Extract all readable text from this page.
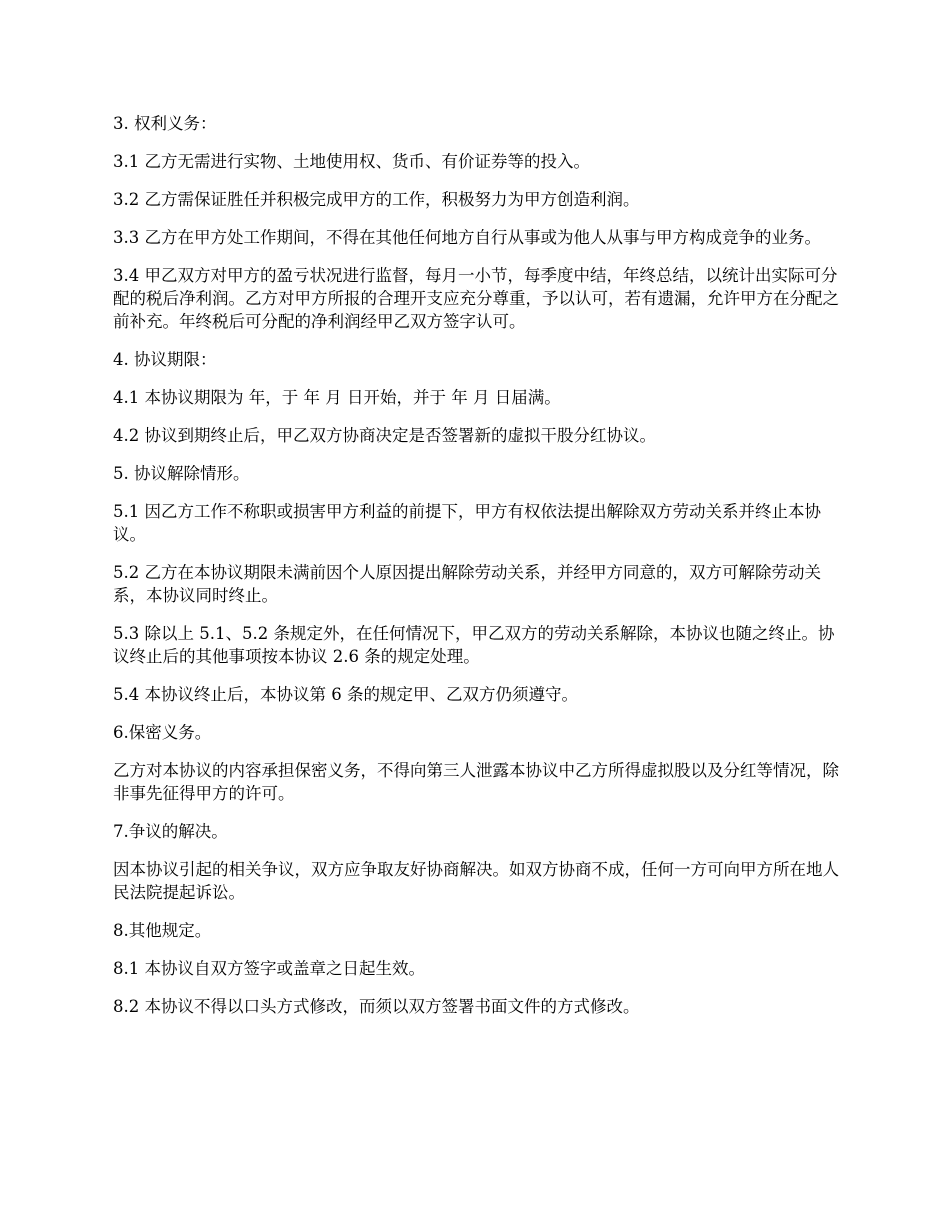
3. 权利义务：

3.1 乙方无需进行实物、土地使用权、货币、有价证券等的投入。

3.2 乙方需保证胜任并积极完成甲方的工作，积极努力为甲方创造利润。

3.3 乙方在甲方处工作期间，不得在其他任何地方自行从事或为他人从事与甲方构成竞争的业务。

3.4 甲乙双方对甲方的盈亏状况进行监督，每月一小节，每季度中结，年终总结，以统计出实际可分配的税后净利润。乙方对甲方所报的合理开支应充分尊重，予以认可，若有遗漏，允许甲方在分配之前补充。年终税后可分配的净利润经甲乙双方签字认可。

4. 协议期限：

4.1 本协议期限为 年，于 年 月 日开始，并于 年 月 日届满。

4.2 协议到期终止后，甲乙双方协商决定是否签署新的虚拟干股分红协议。

5. 协议解除情形。

5.1 因乙方工作不称职或损害甲方利益的前提下，甲方有权依法提出解除双方劳动关系并终止本协议。

5.2 乙方在本协议期限未满前因个人原因提出解除劳动关系，并经甲方同意的，双方可解除劳动关系，本协议同时终止。

5.3 除以上 5.1、5.2 条规定外，在任何情况下，甲乙双方的劳动关系解除，本协议也随之终止。协议终止后的其他事项按本协议 2.6 条的规定处理。

5.4 本协议终止后，本协议第 6 条的规定甲、乙双方仍须遵守。

6.保密义务。

乙方对本协议的内容承担保密义务，不得向第三人泄露本协议中乙方所得虚拟股以及分红等情况，除非事先征得甲方的许可。

7.争议的解决。

因本协议引起的相关争议，双方应争取友好协商解决。如双方协商不成，任何一方可向甲方所在地人民法院提起诉讼。

8.其他规定。

8.1 本协议自双方签字或盖章之日起生效。

8.2 本协议不得以口头方式修改，而须以双方签署书面文件的方式修改。
